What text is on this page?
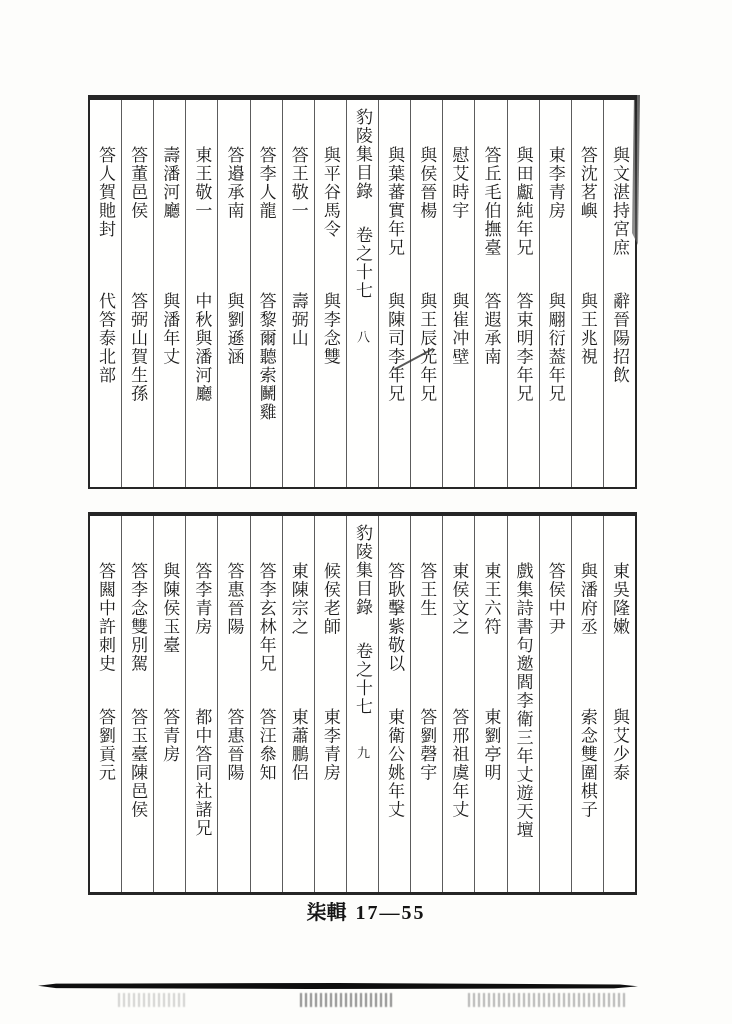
與文湛持宮庶
辭晉陽招飲
答沈茗嶼
與王兆視
東李青房
與翢衍葢年兄
與田甗純年兄
答束明李年兄
答丘毛伯撫臺
答遐承南
慰艾時宇
與崔冲壁
與侯晉楊
與王辰光年兄
與葉蕃實年兄
與陳司李年兄
豹陵集目錄
卷之十七
八
與平谷馬令
與李念雙
答王敬一
壽弼山
答李人龍
答黎爾聽索鬭雞
答邉承南
與劉遜涵
東王敬一
中秋與潘河廳
壽潘河廳
與潘年丈
答董邑侯
答弼山賀生孫
答人賀貤封
代答泰北部
東吳隆嫩
與艾少泰
與潘府丞
索念雙圍棋子
答侯中尹
戲集詩書句邀閻李衛三年丈遊天壇
東王六符
東劉亭明
東侯文之
答邢祖虞年丈
答王生
答劉磬宇
答耿擊紫敬以
東衛公姚年丈
豹陵集目錄
卷之十七
九
候侯老師
東李青房
東陳宗之
東蕭鵬侶
答李玄林年兄
答汪叅知
答惠晉陽
答惠晉陽
答李青房
都中答同社諸兄
與陳侯玉臺
答青房
答李念雙別駕
答玉臺陳邑侯
答闗中許刺史
答劉貢元
柒輯 17—55
